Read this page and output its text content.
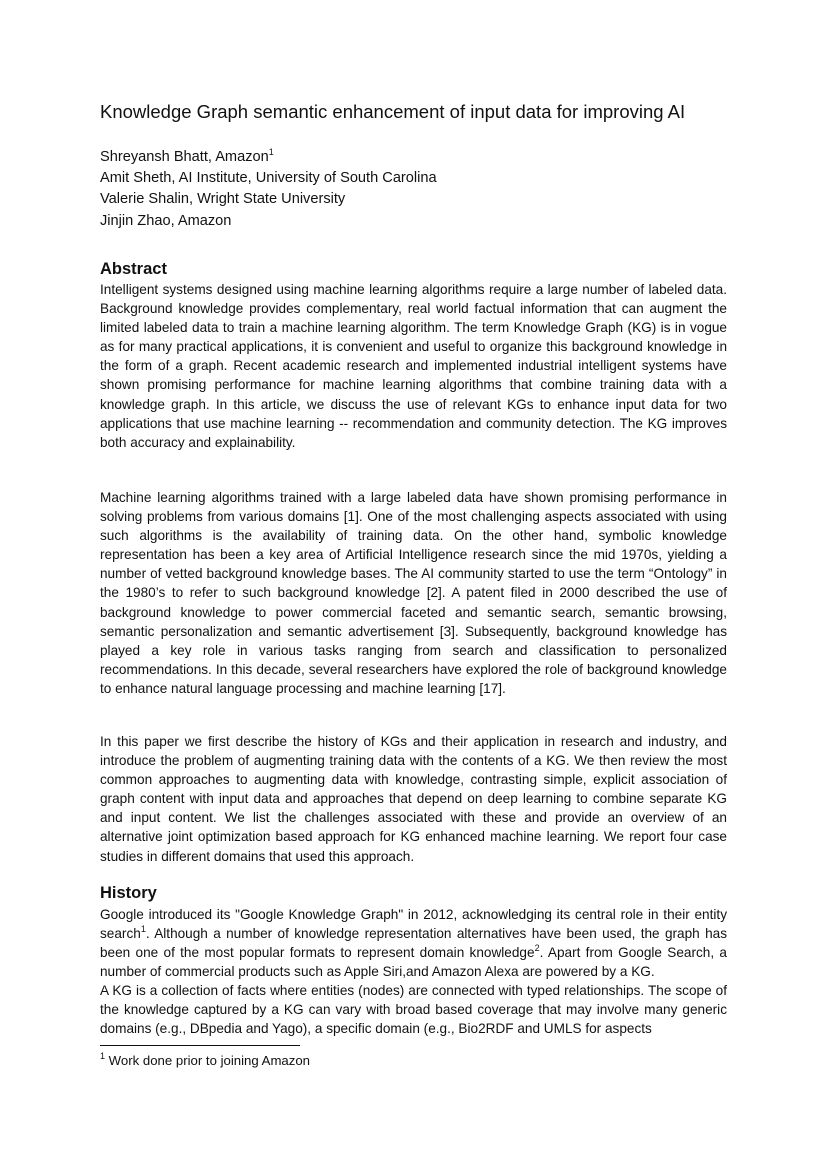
Knowledge Graph semantic enhancement of input data for improving AI
Shreyansh Bhatt, Amazon$^1$
Amit Sheth, AI Institute, University of South Carolina
Valerie Shalin, Wright State University
Jinjin Zhao, Amazon
Abstract

Intelligent systems designed using machine learning algorithms require a large number of labeled data. Background knowledge provides complementary, real world factual information that can augment the limited labeled data to train a machine learning algorithm. The term Knowledge Graph (KG) is in vogue as for many practical applications, it is convenient and useful to organize this background knowledge in the form of a graph. Recent academic research and implemented industrial intelligent systems have shown promising performance for machine learning algorithms that combine training data with a knowledge graph. In this article, we discuss the use of relevant KGs to enhance input data for two applications that use machine learning -- recommendation and community detection. The KG improves both accuracy and explainability.

Machine learning algorithms trained with a large labeled data have shown promising performance in solving problems from various domains [1]. One of the most challenging aspects associated with using such algorithms is the availability of training data. On the other hand, symbolic knowledge representation has been a key area of Artificial Intelligence research since the mid 1970s, yielding a number of vetted background knowledge bases. The AI community started to use the term “Ontology” in the 1980’s to refer to such background knowledge [2]. A patent filed in 2000 described the use of background knowledge to power commercial faceted and semantic search, semantic browsing, semantic personalization and semantic advertisement [3]. Subsequently, background knowledge has played a key role in various tasks ranging from search and classification to personalized recommendations. In this decade, several researchers have explored the role of background knowledge to enhance natural language processing and machine learning [17].

In this paper we first describe the history of KGs and their application in research and industry, and introduce the problem of augmenting training data with the contents of a KG. We then review the most common approaches to augmenting data with knowledge, contrasting simple, explicit association of graph content with input data and approaches that depend on deep learning to combine separate KG and input content. We list the challenges associated with these and provide an overview of an alternative joint optimization based approach for KG enhanced machine learning. We report four case studies in different domains that used this approach.

History

Google introduced its "Google Knowledge Graph" in 2012, acknowledging its central role in their entity search$^1$. Although a number of knowledge representation alternatives have been used, the graph has been one of the most popular formats to represent domain knowledge$^2$. Apart from Google Search, a number of commercial products such as Apple Siri,and Amazon Alexa are powered by a KG.

A KG is a collection of facts where entities (nodes) are connected with typed relationships. The scope of the knowledge captured by a KG can vary with broad based coverage that may involve many generic domains (e.g., DBpedia and Yago), a specific domain (e.g., Bio2RDF and UMLS for aspects

$^1$ Work done prior to joining Amazon
